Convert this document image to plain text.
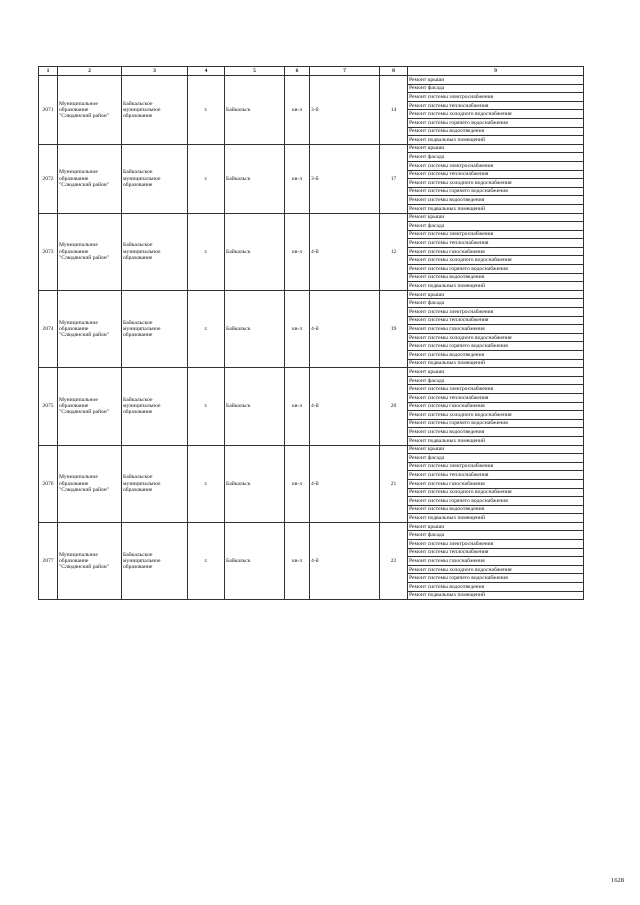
1	2	3	4	5	6	7	8	9
2071	Муниципальное образование "Слюдянский район"	Байкальское муниципальное образование	г.	Байкальск	кв-л	3-й	14	Ремонт крыши
								Ремонт фасада
								Ремонт системы электроснабжения
								Ремонт системы теплоснабжения
								Ремонт системы холодного водоснабжения
								Ремонт системы горячего водоснабжения
								Ремонт системы водоотведения
								Ремонт подвальных помещений
2072	Муниципальное образование "Слюдянский район"	Байкальское муниципальное образование	г.	Байкальск	кв-л	3-й	17	Ремонт крыши
								Ремонт фасада
								Ремонт системы электроснабжения
								Ремонт системы теплоснабжения
								Ремонт системы холодного водоснабжения
								Ремонт системы горячего водоснабжения
								Ремонт системы водоотведения
								Ремонт подвальных помещений
2073	Муниципальное образование "Слюдянский район"	Байкальское муниципальное образование	г.	Байкальск	кв-л	4-й	12	Ремонт крыши
								Ремонт фасада
								Ремонт системы электроснабжения
								Ремонт системы теплоснабжения
								Ремонт системы газоснабжения
								Ремонт системы холодного водоснабжения
								Ремонт системы горячего водоснабжения
								Ремонт системы водоотведения
								Ремонт подвальных помещений
2074	Муниципальное образование "Слюдянский район"	Байкальское муниципальное образование	г.	Байкальск	кв-л	4-й	19	Ремонт крыши
								Ремонт фасада
								Ремонт системы электроснабжения
								Ремонт системы теплоснабжения
								Ремонт системы газоснабжения
								Ремонт системы холодного водоснабжения
								Ремонт системы горячего водоснабжения
								Ремонт системы водоотведения
								Ремонт подвальных помещений
2075	Муниципальное образование "Слюдянский район"	Байкальское муниципальное образование	г.	Байкальск	кв-л	4-й	20	Ремонт крыши
								Ремонт фасада
								Ремонт системы электроснабжения
								Ремонт системы теплоснабжения
								Ремонт системы газоснабжения
								Ремонт системы холодного водоснабжения
								Ремонт системы горячего водоснабжения
								Ремонт системы водоотведения
								Ремонт подвальных помещений
2076	Муниципальное образование "Слюдянский район"	Байкальское муниципальное образование	г.	Байкальск	кв-л	4-й	21	Ремонт крыши
								Ремонт фасада
								Ремонт системы электроснабжения
								Ремонт системы теплоснабжения
								Ремонт системы газоснабжения
								Ремонт системы холодного водоснабжения
								Ремонт системы горячего водоснабжения
								Ремонт системы водоотведения
								Ремонт подвальных помещений
2077	Муниципальное образование "Слюдянский район"	Байкальское муниципальное образование	г.	Байкальск	кв-л	4-й	22	Ремонт крыши
								Ремонт фасада
								Ремонт системы электроснабжения
								Ремонт системы теплоснабжения
								Ремонт системы газоснабжения
								Ремонт системы холодного водоснабжения
								Ремонт системы горячего водоснабжения
								Ремонт системы водоотведения
								Ремонт подвальных помещений
1628
